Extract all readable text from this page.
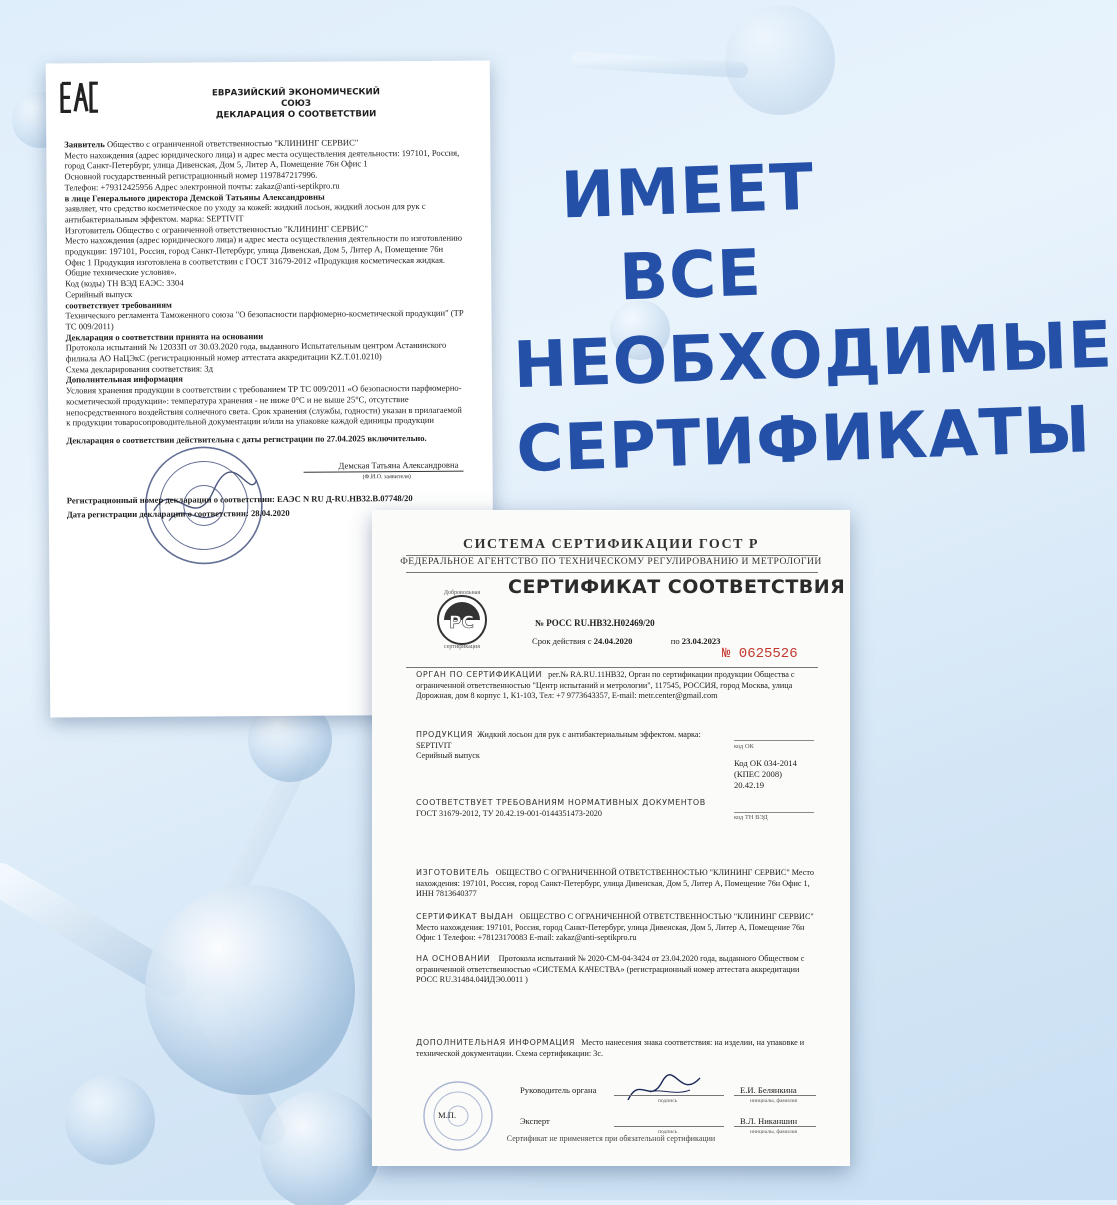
ИМЕЕТ ВСЕ
НЕОБХОДИМЫЕ
СЕРТИФИКАТЫ
ЕВРАЗИЙСКИЙ ЭКОНОМИЧЕСКИЙ СОЮЗ
ДЕКЛАРАЦИЯ О СООТВЕТСТВИИ

Заявитель Общество с ограниченной ответственностью "КЛИНИНГ СЕРВИС"

Место нахождения (адрес юридического лица) и адрес места осуществления деятельности: 197101, Россия, город Санкт-Петербург, улица Дивенская, Дом 5, Литер А, Помещение 76н Офис 1

Основной государственный регистрационный номер 1197847217996.

Телефон: +79312425956 Адрес электронной почты: zakaz@anti-septikpro.ru

в лице Генерального директора Демской Татьяны Александровны

заявляет, что средство косметическое по уходу за кожей: жидкий лосьон, жидкий лосьон для рук с антибактериальным эффектом. марка: SEPTIVIT

Изготовитель Общество с ограниченной ответственностью "КЛИНИНГ СЕРВИС"

Место нахождения (адрес юридического лица) и адрес места осуществления деятельности по изготовлению продукции: 197101, Россия, город Санкт-Петербург, улица Дивенская, Дом 5, Литер А, Помещение 76н Офис 1 Продукция изготовлена в соответствии с ГОСТ 31679-2012 «Продукция косметическая жидкая. Общие технические условия».

Код (коды) ТН ВЭД ЕАЭС: 3304

Серийный выпуск

соответствует требованиям

Технического регламента Таможенного союза "О безопасности парфюмерно-косметической продукции" (ТР ТС 009/2011)

Декларация о соответствии принята на основании

Протокола испытаний № 12033П от 30.03.2020 года, выданного Испытательным центром Астанинского филиала АО НаЦЭкС (регистрационный номер аттестата аккредитации KZ.T.01.0210)

Схема декларирования соответствия: 3д

Дополнительная информация

Условия хранения продукции в соответствии с требованием ТР ТС 009/2011 «О безопасности парфюмерно-косметической продукции»: температура хранения - не ниже 0°С и не выше 25°С, отсутствие непосредственного воздействия солнечного света. Срок хранения (службы, годности) указан в прилагаемой к продукции товаросопроводительной документации и/или на упаковке каждой единицы продукции

Декларация о соответствии действительна с даты регистрации по 27.04.2025 включительно.
Демская Татьяна Александровна
(Ф.И.О. заявителя)
Регистрационный номер декларации о соответствии: ЕАЭС N RU Д-RU.HB32.B.07748/20
Дата регистрации декларации о соответствии: 28.04.2020
СИСТЕМА СЕРТИФИКАЦИИ ГОСТ Р
ФЕДЕРАЛЬНОЕ АГЕНТСТВО ПО ТЕХНИЧЕСКОМУ РЕГУЛИРОВАНИЮ И МЕТРОЛОГИИ
Добровольная
PC
сертификация
СЕРТИФИКАТ СООТВЕТСТВИЯ
№ РОСС RU.HB32.H02469/20
Срок действия с 24.04.2020	по 23.04.2023
№ 0625526
ОРГАН ПО СЕРТИФИКАЦИИ рег.№ RA.RU.11HB32, Орган по сертификации продукции Общества с ограниченной ответственностью "Центр испытаний и метрологии", 117545, РОССИЯ, город Москва, улица Дорожная, дом 8 корпус 1, К1-103, Тел: +7 9773643357, E-mail: metr.center@gmail.com
ПРОДУКЦИЯ Жидкий лосьон для рук с антибактериальным эффектом. марка: SEPTIVIT
Серийный выпуск
код ОК
Код ОК 034-2014 (КПЕС 2008) 20.42.19
СООТВЕТСТВУЕТ ТРЕБОВАНИЯМ НОРМАТИВНЫХ ДОКУМЕНТОВ
ГОСТ 31679-2012, ТУ 20.42.19-001-0144351473-2020	код ТН ВЭД
ИЗГОТОВИТЕЛЬ ОБЩЕСТВО С ОГРАНИЧЕННОЙ ОТВЕТСТВЕННОСТЬЮ "КЛИНИНГ СЕРВИС" Место нахождения: 197101, Россия, город Санкт-Петербург, улица Дивенская, Дом 5, Литер А, Помещение 76н Офис 1, ИНН 7813640377
СЕРТИФИКАТ ВЫДАН ОБЩЕСТВО С ОГРАНИЧЕННОЙ ОТВЕТСТВЕННОСТЬЮ "КЛИНИНГ СЕРВИС" Место нахождения: 197101, Россия, город Санкт-Петербург, улица Дивенская, Дом 5, Литер А, Помещение 76н Офис 1 Телефон: +78123170083 E-mail: zakaz@anti-septikpro.ru
НА ОСНОВАНИИ Протокола испытаний № 2020-СМ-04-3424 от 23.04.2020 года, выданного Обществом с ограниченной ответственностью «СИСТЕМА КАЧЕСТВА» (регистрационный номер аттестата аккредитации РОСС RU.31484.04ИДЭ0.0011 )
ДОПОЛНИТЕЛЬНАЯ ИНФОРМАЦИЯ Место нанесения знака соответствия: на изделии, на упаковке и технической документации. Схема сертификации: 3с.
Руководитель органа
подпись
Е.И. Белянкина
инициалы, фамилия
М.П.
Эксперт
подпись
В.Л. Никаншин
инициалы, фамилия
Сертификат не применяется при обязательной сертификации
